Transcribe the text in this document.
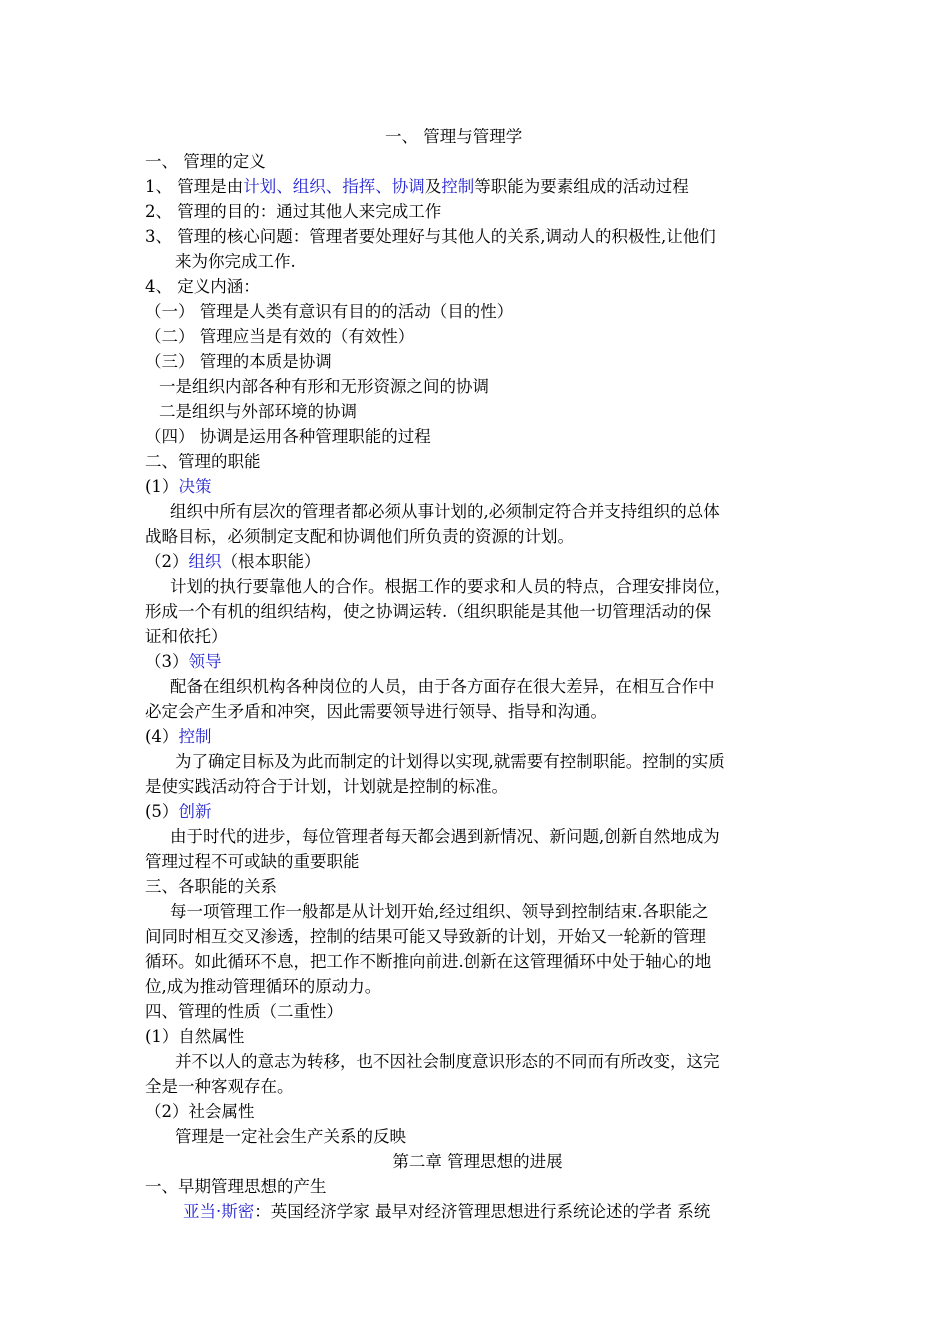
一、 管理与管理学
一、 管理的定义
1、 管理是由计划、组织、指挥、协调及控制等职能为要素组成的活动过程
2、 管理的目的：通过其他人来完成工作
3、 管理的核心问题：管理者要处理好与其他人的关系,调动人的积极性,让他们
来为你完成工作.
4、 定义内涵：
（一） 管理是人类有意识有目的的活动（目的性）
（二） 管理应当是有效的（有效性）
（三） 管理的本质是协调
一是组织内部各种有形和无形资源之间的协调
二是组织与外部环境的协调
（四） 协调是运用各种管理职能的过程
二、管理的职能
(1）决策
组织中所有层次的管理者都必须从事计划的,必须制定符合并支持组织的总体
战略目标，必须制定支配和协调他们所负责的资源的计划。
（2）组织（根本职能）
计划的执行要靠他人的合作。根据工作的要求和人员的特点，合理安排岗位，
形成一个有机的组织结构，使之协调运转.（组织职能是其他一切管理活动的保
证和依托）
（3）领导
配备在组织机构各种岗位的人员，由于各方面存在很大差异，在相互合作中
必定会产生矛盾和冲突，因此需要领导进行领导、指导和沟通。
(4）控制
为了确定目标及为此而制定的计划得以实现,就需要有控制职能。控制的实质
是使实践活动符合于计划，计划就是控制的标准。
(5）创新
由于时代的进步，每位管理者每天都会遇到新情况、新问题,创新自然地成为
管理过程不可或缺的重要职能
三、各职能的关系
每一项管理工作一般都是从计划开始,经过组织、领导到控制结束.各职能之
间同时相互交叉渗透，控制的结果可能又导致新的计划，开始又一轮新的管理
循环。如此循环不息，把工作不断推向前进.创新在这管理循环中处于轴心的地
位,成为推动管理循环的原动力。
四、管理的性质（二重性）
(1）自然属性
并不以人的意志为转移，也不因社会制度意识形态的不同而有所改变，这完
全是一种客观存在。
（2）社会属性
管理是一定社会生产关系的反映
第二章 管理思想的进展
一、早期管理思想的产生
亚当·斯密：英国经济学家 最早对经济管理思想进行系统论述的学者 系统
